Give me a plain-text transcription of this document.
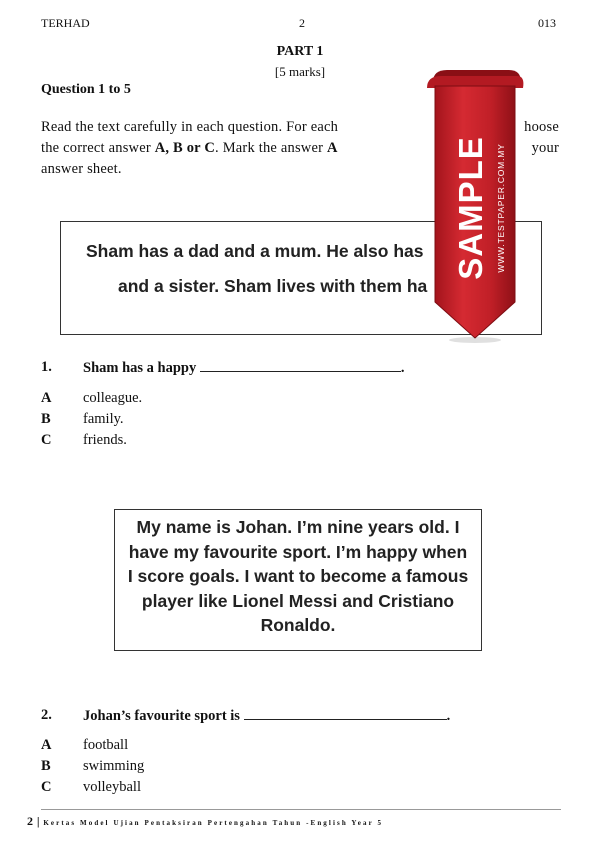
TERHAD	2	013
PART 1
[5 marks]
Question 1 to 5
Read the text carefully in each question. For each	hoose
the correct answer A, B or C. Mark the answer A	your
answer sheet.

Sham has a dad and a mum. He also has

and a sister. Sham lives with them ha

1. Sham has a happy	.
A colleague.
B family.
C friends.
My name is Johan. I’m nine years old. I
have my favourite sport. I’m happy when
I score goals. I want to become a famous
player like Lionel Messi and Cristiano
Ronaldo.
2. Johan’s favourite sport is	.
A football
B swimming
C volleyball
2 | Kertas Model Ujian Pentaksiran Pertengahan Tahun -English Year 5
SAMPLE WWW.TESTPAPER.COM.MY
